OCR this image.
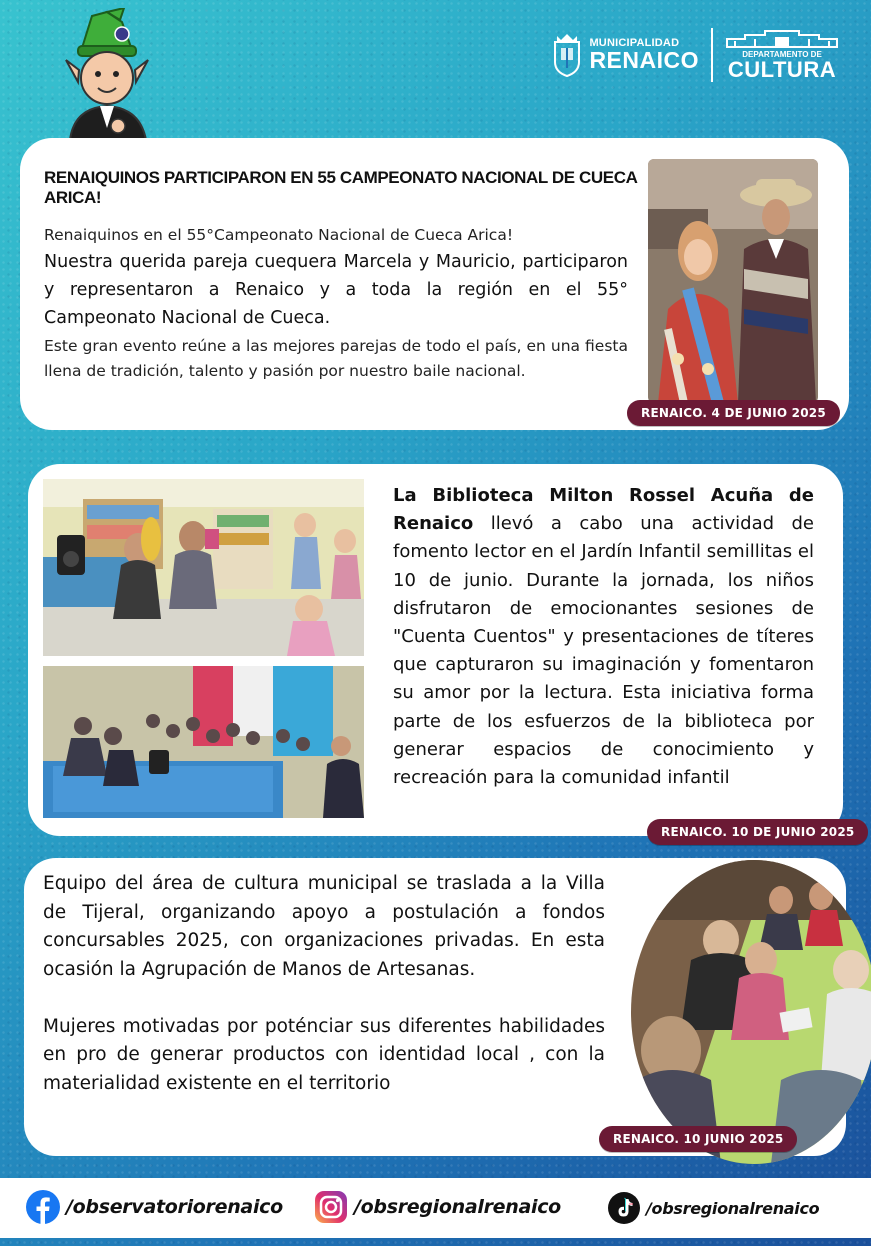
MUNICIPALIDAD
RENAICO	DEPARTAMENTO DE
CULTURA
RENAIQUINOS PARTICIPARON EN 55 CAMPEONATO NACIONAL DE CUECA ARICA!
Renaiquinos en el 55°Campeonato Nacional de Cueca Arica!
Nuestra querida pareja cuequera Marcela y Mauricio, participaron y representaron a Renaico y a toda la región en el 55° Campeonato Nacional de Cueca.
Este gran evento reúne a las mejores parejas de todo el país, en una fiesta llena de tradición, talento y pasión por nuestro baile nacional.
RENAICO. 4 DE JUNIO 2025
La Biblioteca Milton Rossel Acuña de Renaico llevó a cabo una actividad de fomento lector en el Jardín Infantil semillitas el 10 de junio. Durante la jornada, los niños disfrutaron de emocionantes sesiones de "Cuenta Cuentos" y presentaciones de títeres que capturaron su imaginación y fomentaron su amor por la lectura. Esta iniciativa forma parte de los esfuerzos de la biblioteca por generar espacios de conocimiento y recreación para la comunidad infantil
RENAICO. 10 DE JUNIO 2025
Equipo del área de cultura municipal se traslada a la Villa de Tijeral, organizando apoyo a postulación a fondos concursables 2025, con organizaciones privadas. En esta ocasión la Agrupación de Manos de Artesanas.
Mujeres motivadas por poténciar sus diferentes habilidades en pro de generar productos con identidad local , con la materialidad existente en el territorio
RENAICO. 10 JUNIO 2025
/observatoriorenaico	/obsregionalrenaico	/obsregionalrenaico
